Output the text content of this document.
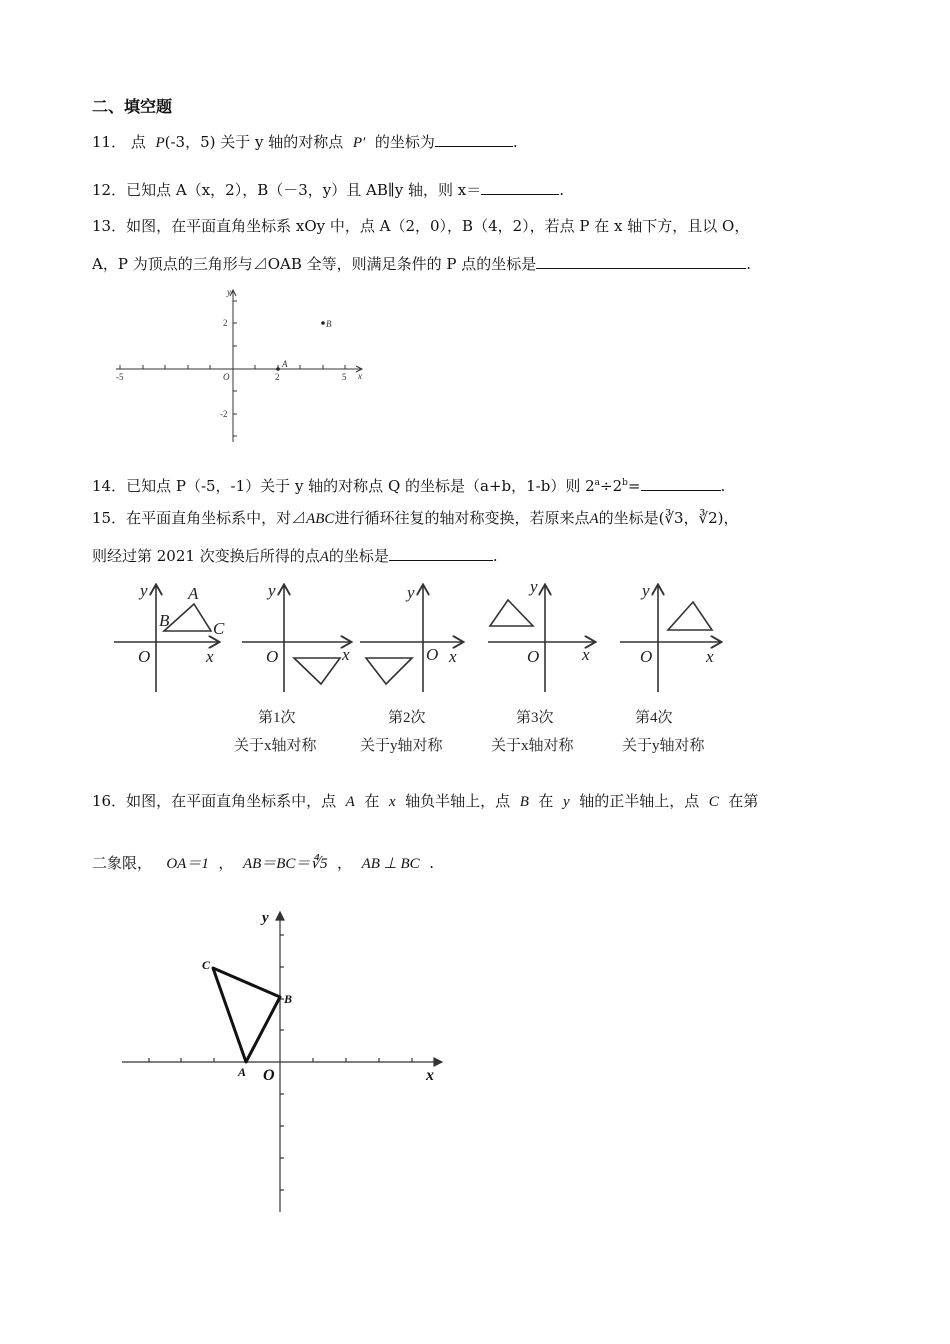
二、填空题
11． 点 P(-3，5) 关于 y 轴的对称点 P′ 的坐标为	.
12．已知点 A（x，2），B（－3，y）且 AB∥y 轴，则 x＝	.
13．如图，在平面直角坐标系 xOy 中，点 A（2，0），B（4，2），若点 P 在 x 轴下方，且以 O，
A，P 为顶点的三角形与⊿OAB 全等，则满足条件的 P 点的坐标是	.
y
x
O
A
B
-5	2	5
2
-2
14．已知点 P（-5，-1）关于 y 轴的对称点 Q 的坐标是（a+b，1-b）则 $2^a\div 2^b=$	.
15．在平面直角坐标系中，对⊿ABC进行循环往复的轴对称变换，若原来点A的坐标是(∛3，∛2)，
则经过第 2021 次变换后所得的点A的坐标是	.
y
x
O
A
B	C
y
x
O
y
x
O
y
x
O
y
x
O
第1次
关于x轴对称
第2次
关于y轴对称
第3次
关于x轴对称
第4次
关于y轴对称
16．如图，在平面直角坐标系中，点 A 在 x 轴负半轴上，点 B 在 y 轴的正半轴上，点 C 在第
二象限， OA＝1 ， AB＝BC＝∜5 ， AB ⊥ BC .
y
x
O
A
B
C
